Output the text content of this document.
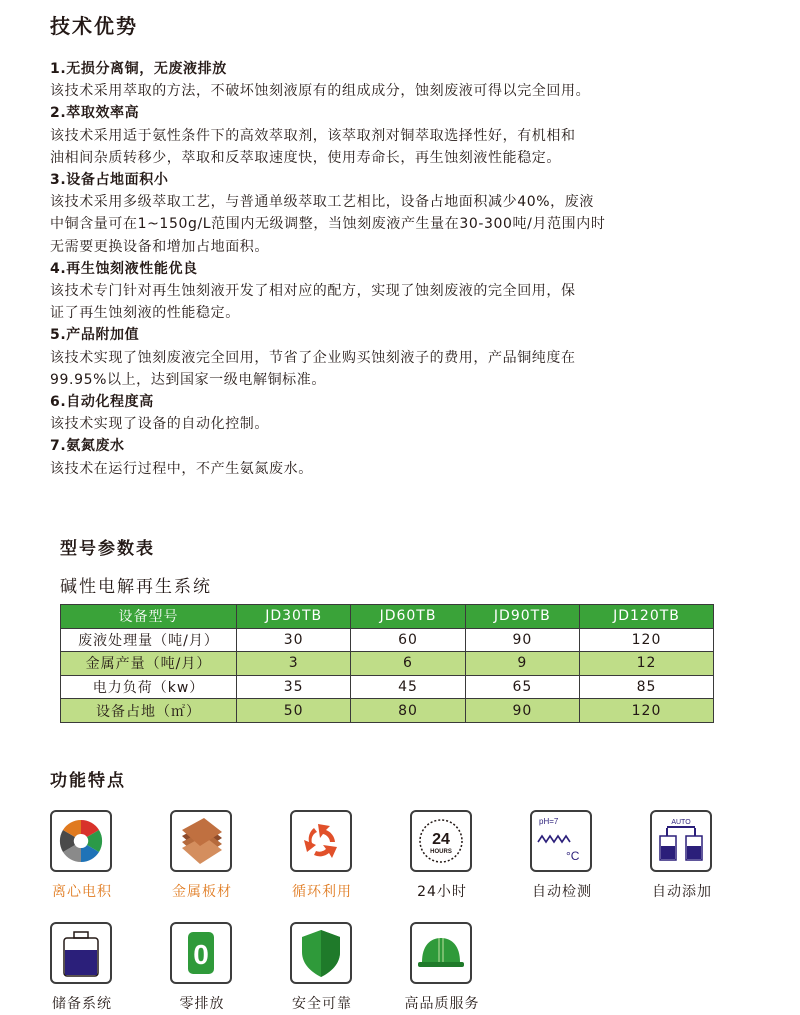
技术优势
1.无损分离铜，无废液排放
该技术采用萃取的方法，不破坏蚀刻液原有的组成成分，蚀刻废液可得以完全回用。
2.萃取效率高
该技术采用适于氨性条件下的高效萃取剂，该萃取剂对铜萃取选择性好，有机相和
油相间杂质转移少，萃取和反萃取速度快，使用寿命长，再生蚀刻液性能稳定。
3.设备占地面积小
该技术采用多级萃取工艺，与普通单级萃取工艺相比，设备占地面积减少40%，废液
中铜含量可在1~150g/L范围内无级调整，当蚀刻废液产生量在30-300吨/月范围内时
无需要更换设备和增加占地面积。
4.再生蚀刻液性能优良
该技术专门针对再生蚀刻液开发了相对应的配方，实现了蚀刻废液的完全回用，保
证了再生蚀刻液的性能稳定。
5.产品附加值
该技术实现了蚀刻废液完全回用，节省了企业购买蚀刻液子的费用，产品铜纯度在
99.95%以上，达到国家一级电解铜标准。
6.自动化程度高
该技术实现了设备的自动化控制。
7.氨氮废水
该技术在运行过程中，不产生氨氮废水。
型号参数表
碱性电解再生系统
设备型号	JD30TB	JD60TB	JD90TB	JD120TB
废液处理量（吨/月）	30	60	90	120
金属产量（吨/月）	3	6	9	12
电力负荷（kw）	35	45	65	85
设备占地（㎡）	50	80	90	120
功能特点
离心电积	金属板材	循环利用
24
HOURS
24小时
pH=7
°C
自动检测
AUTO
自动添加
储备系统
0
零排放	安全可靠	高品质服务
